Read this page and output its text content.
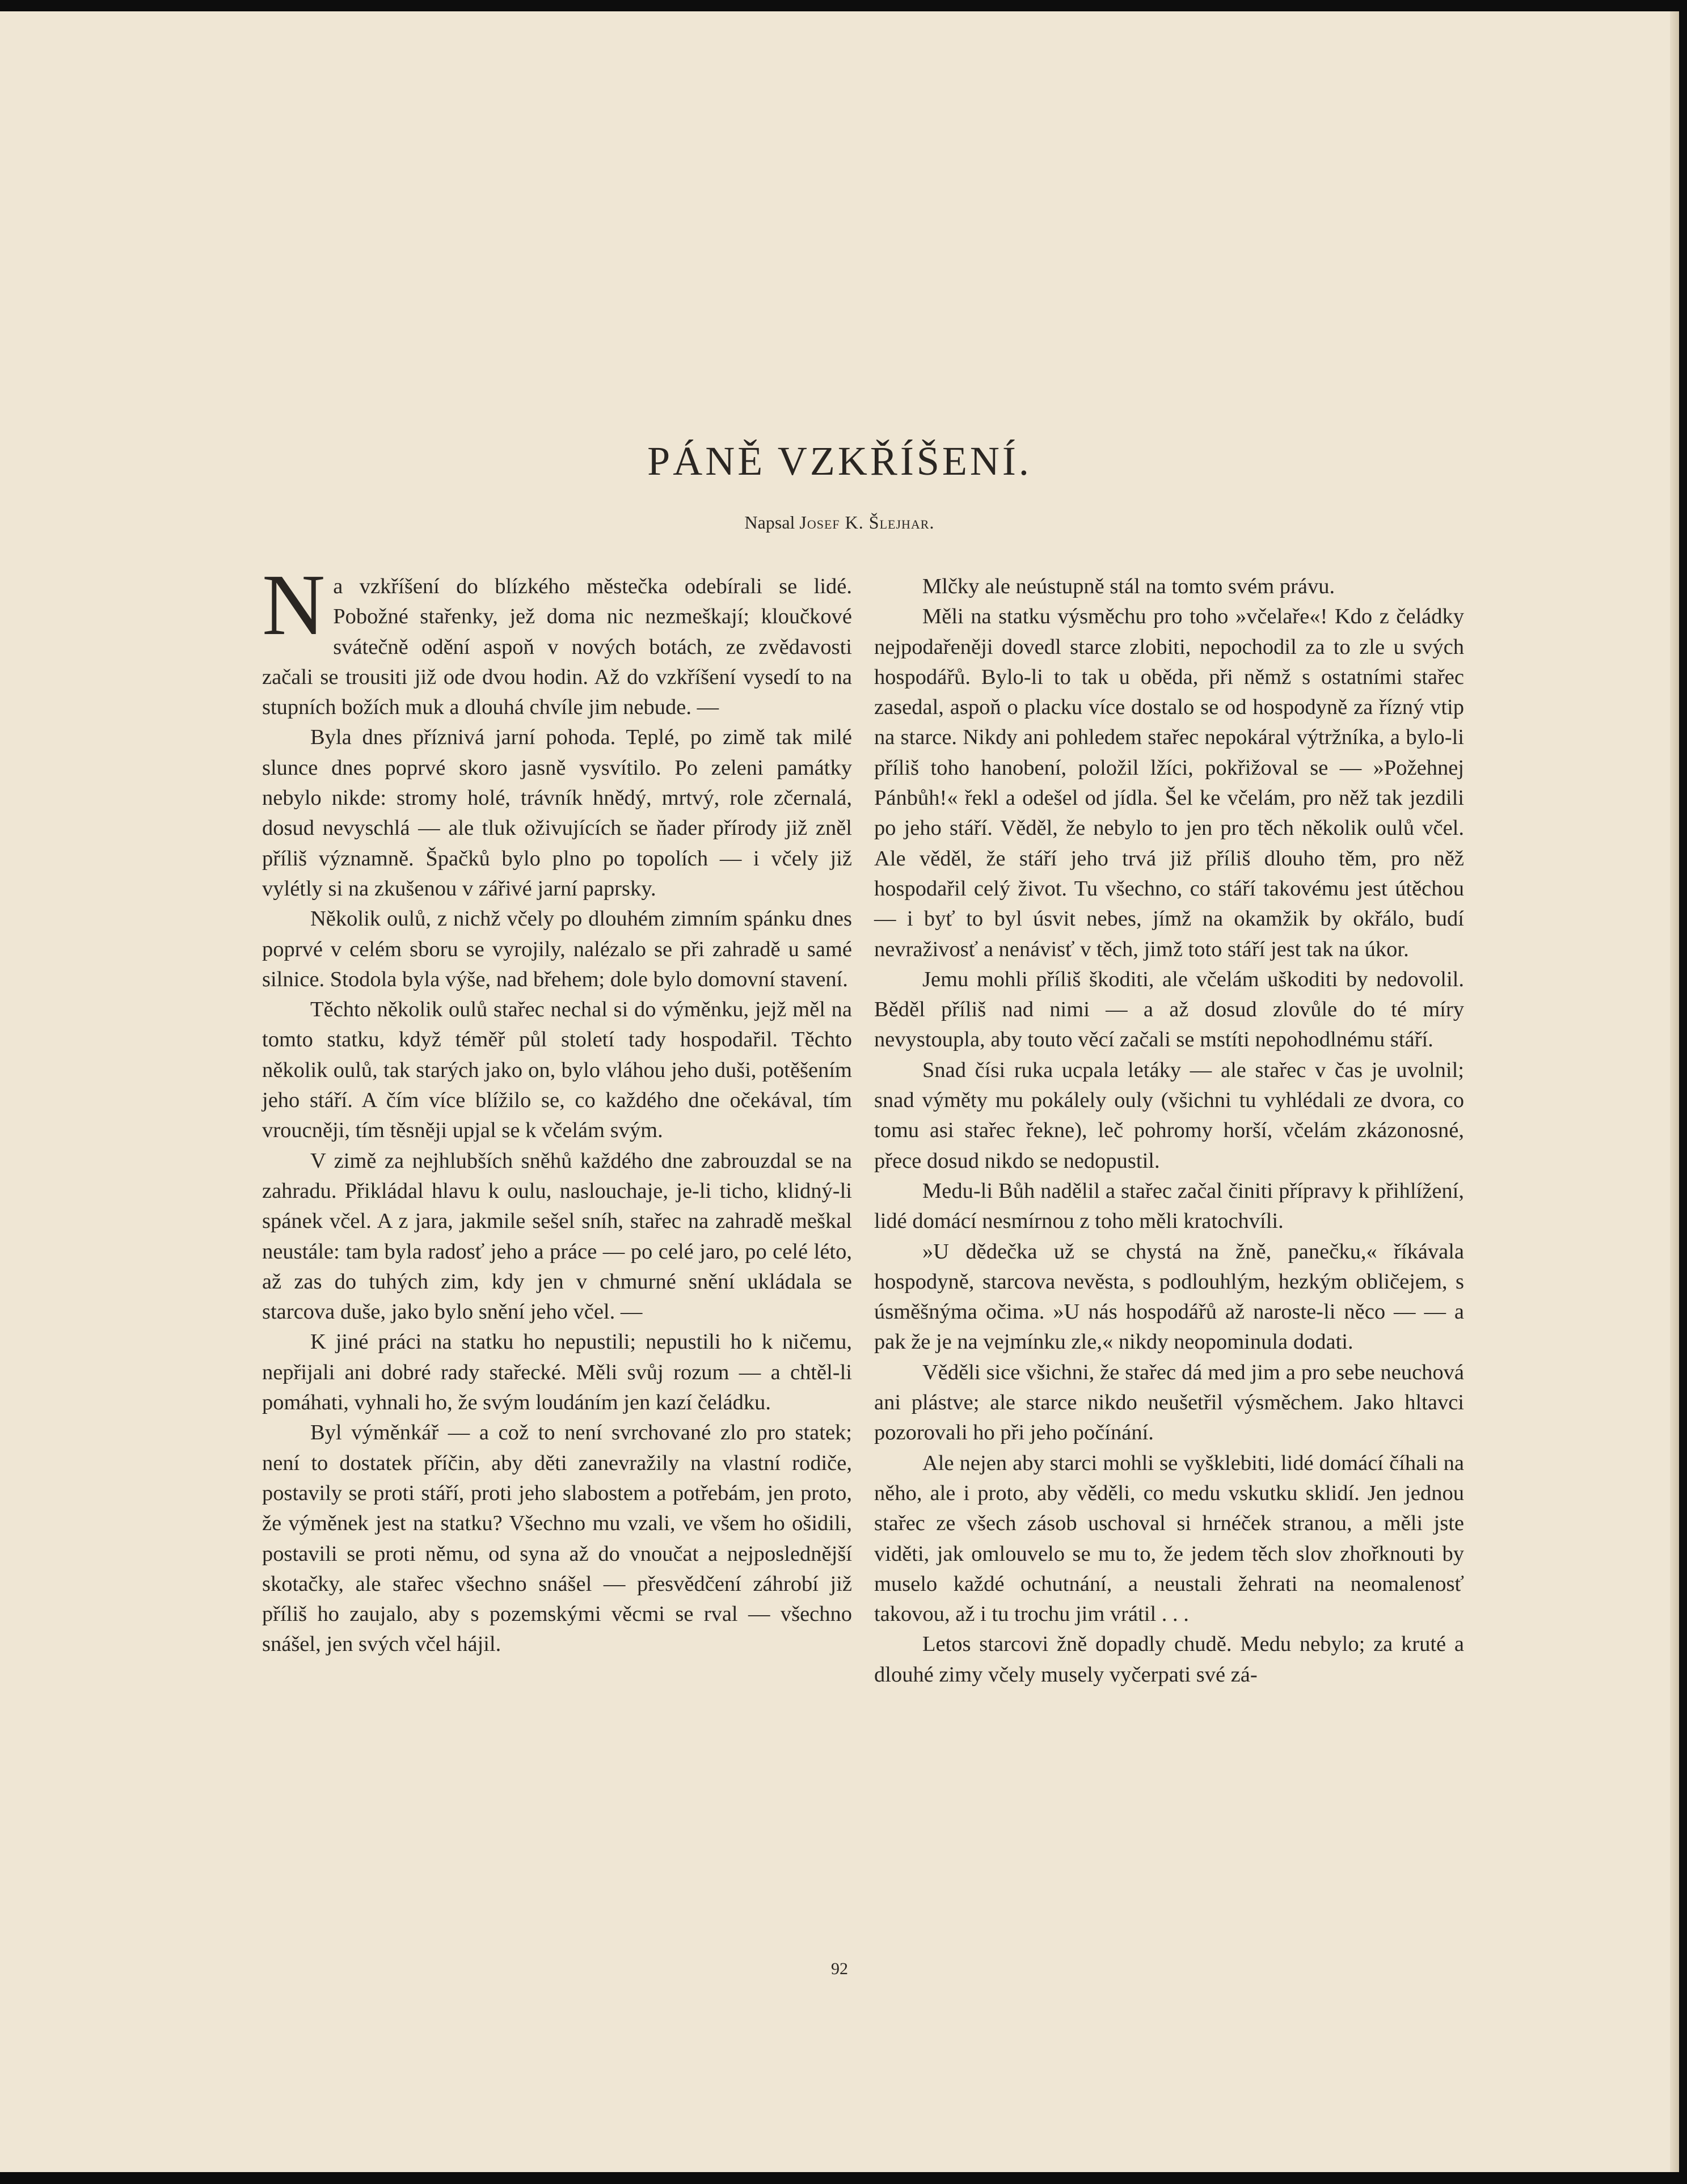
PÁNĚ VZKŘÍŠENÍ.
Napsal Josef K. Šlejhar.

Na vzkříšení do blízkého městečka odebírali se lidé. Pobožné stařenky, jež doma nic nezmeškají; klоučkové svátečně odění aspoň v nových botách, ze zvědavosti začali se trousiti již ode dvou hodin. Až do vzkříšení vysedí to na stupních božích muk a dlouhá chvíle jim nebude. —

Byla dnes příznivá jarní pohoda. Teplé, po zimě tak milé slunce dnes poprvé skoro jasně vysvítilo. Po zeleni památky nebylo nikde: stromy holé, trávník hnědý, mrtvý, role zčernalá, dosud nevyschlá — ale tluk oživujících se ňader přírody již zněl příliš významně. Špačků bylo plno po topolích — i včely již vylétly si na zkušenou v zářivé jarní paprsky.

Několik oulů, z nichž včely po dlouhém zimním spánku dnes poprvé v celém sboru se vyrojily, nalézalo se při zahradě u samé silnice. Stodola byla výše, nad břehem; dole bylo domovní stavení.

Těchto několik oulů stařec nechal si do výměnku, jejž měl na tomto statku, když téměř půl století tady hospodařil. Těchto několik oulů, tak starých jako on, bylo vláhou jeho duši, potěšením jeho stáří. A čím více blížilo se, co každého dne očekával, tím vroucněji, tím těsněji upjal se k včelám svým.

V zimě za nejhlubších sněhů každého dne zabrouzdal se na zahradu. Přikládal hlavu k oulu, naslouchaje, je-li ticho, klidný-li spánek včel. A z jara, jakmile sešel sníh, stařec na zahradě meškal neustále: tam byla radosť jeho a práce — po celé jaro, po celé léto, až zas do tuhých zim, kdy jen v chmurné snění ukládala se starcova duše, jako bylo snění jeho včel. —

K jiné práci na statku ho nepustili; nepustili ho k ničemu, nepřijali ani dobré rady stařecké. Měli svůj rozum — a chtěl-li pomáhati, vyhnali ho, že svým loudáním jen kazí čeládku.

Byl výměnkář — a což to není svrchované zlo pro statek; není to dostatek příčin, aby děti zanevražily na vlastní rodiče, postavily se proti stáří, proti jeho slabostem a potřebám, jen proto, že výměnek jest na statku? Všechno mu vzali, ve všem ho ošidili, postavili se proti němu, od syna až do vnoučat a nejposlednější skotačky, ale stařec všechno snášel — přesvědčení záhrobí již příliš ho zaujalo, aby s pozemskými věcmi se rval — všechno snášel, jen svých včel hájil.

Mlčky ale neústupně stál na tomto svém právu.

Měli na statku výsměchu pro toho »včelaře«! Kdo z čeládky nejpodařeněji dovedl starce zlobiti, nepochodil za to zle u svých hospodářů. Bylo-li to tak u oběda, při němž s ostatními stařec zasedal, aspoň o placku více dostalo se od hospodyně za řízný vtip na starce. Nikdy ani pohledem stařec nepokáral výtržníka, a bylo-li příliš toho hanobení, položil lžíci, pokřižoval se — »Požehnej Pánbůh!« řekl a odešel od jídla. Šel ke včelám, pro něž tak jezdili po jeho stáří. Věděl, že nebylo to jen pro těch několik oulů včel. Ale věděl, že stáří jeho trvá již příliš dlouho těm, pro něž hospodařil celý život. Tu všechno, co stáří takovému jest útěchou — i byť to byl úsvit nebes, jímž na okamžik by okřálo, budí nevraživosť a nenávisť v těch, jimž toto stáří jest tak na úkor.

Jemu mohli příliš škoditi, ale včelám uškoditi by nedovolil. Běděl příliš nad nimi — a až dosud zlovůle do té míry nevystoupla, aby touto věcí začali se mstíti nepohodlnému stáří.

Snad čísi ruka ucpala letáky — ale stařec v čas je uvolnil; snad výměty mu pokálely ouly (všichni tu vyhlédali ze dvora, co tomu asi stařec řekne), leč pohromy horší, včelám zkázonosné, přece dosud nikdo se nedopustil.

Medu-li Bůh nadělil a stařec začal činiti přípravy k přihlížení, lidé domácí nesmírnou z toho měli kratochvíli.

»U dědečka už se chystá na žně, panečku,« říkávala hospodyně, starcova nevěsta, s podlouhlým, hezkým obličejem, s úsměšnýma očima. »U nás hospodářů až naroste-li něco — — a pak že je na vejmínku zle,« nikdy neopominula dodati.

Věděli sice všichni, že stařec dá med jim a pro sebe neuchová ani plástve; ale starce nikdo neušetřil výsměchem. Jako hltavci pozorovali ho při jeho počínání.

Ale nejen aby starci mohli se vyšklebiti, lidé domácí číhali na něho, ale i proto, aby věděli, co medu vskutku sklidí. Jen jednou stařec ze všech zásob uschoval si hrnéček stranou, a měli jste viděti, jak omlouvelo se mu to, že jedem těch slov zhořknouti by muselo každé ochutnání, a neustali žehrati na neomalenosť takovou, až i tu trochu jim vrátil . . .

Letos starcovi žně dopadly chudě. Medu nebylo; za kruté a dlouhé zimy včely musely vyčerpati své zá-

92
